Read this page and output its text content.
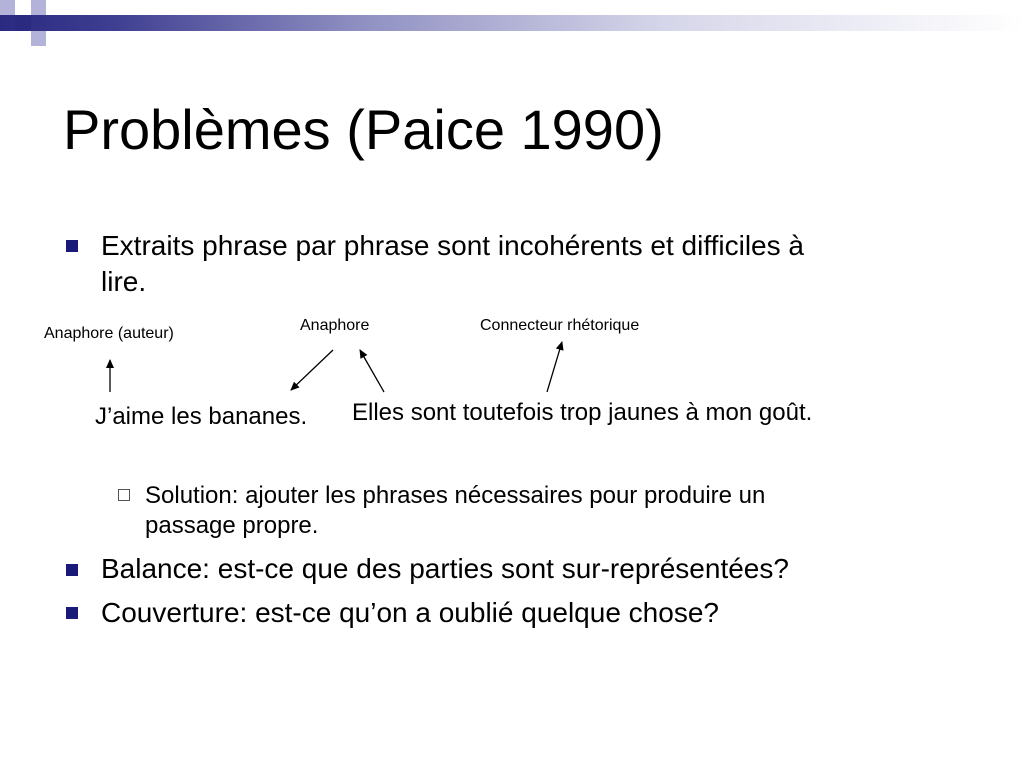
Problèmes (Paice 1990)
Extraits phrase par phrase sont incohérents et difficiles à
lire.
Anaphore (auteur)	Anaphore	Connecteur rhétorique
J’aime les bananes. Elles sont toutefois trop jaunes à mon goût.
Solution: ajouter les phrases nécessaires pour produire un
passage propre.
Balance: est-ce que des parties sont sur-représentées?
Couverture: est-ce qu’on a oublié quelque chose?
